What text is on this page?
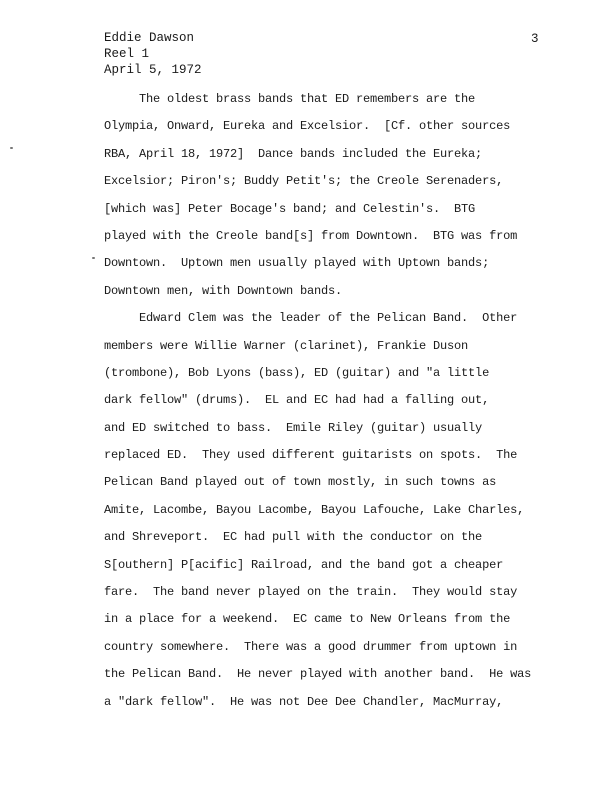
Eddie Dawson
Reel 1
April 5, 1972
3
The oldest brass bands that ED remembers are the
Olympia, Onward, Eureka and Excelsior.  [Cf. other sources
RBA, April 18, 1972]  Dance bands included the Eureka;
Excelsior; Piron's; Buddy Petit's; the Creole Serenaders,
[which was] Peter Bocage's band; and Celestin's.  BTG
played with the Creole band[s] from Downtown.  BTG was from
Downtown.  Uptown men usually played with Uptown bands;
Downtown men, with Downtown bands.
Edward Clem was the leader of the Pelican Band.  Other
members were Willie Warner (clarinet), Frankie Duson
(trombone), Bob Lyons (bass), ED (guitar) and "a little
dark fellow" (drums).  EL and EC had had a falling out,
and ED switched to bass.  Emile Riley (guitar) usually
replaced ED.  They used different guitarists on spots.  The
Pelican Band played out of town mostly, in such towns as
Amite, Lacombe, Bayou Lacombe, Bayou Lafouche, Lake Charles,
and Shreveport.  EC had pull with the conductor on the
S[outhern] P[acific] Railroad, and the band got a cheaper
fare.  The band never played on the train.  They would stay
in a place for a weekend.  EC came to New Orleans from the
country somewhere.  There was a good drummer from uptown in
the Pelican Band.  He never played with another band.  He was
a "dark fellow".  He was not Dee Dee Chandler, MacMurray,
